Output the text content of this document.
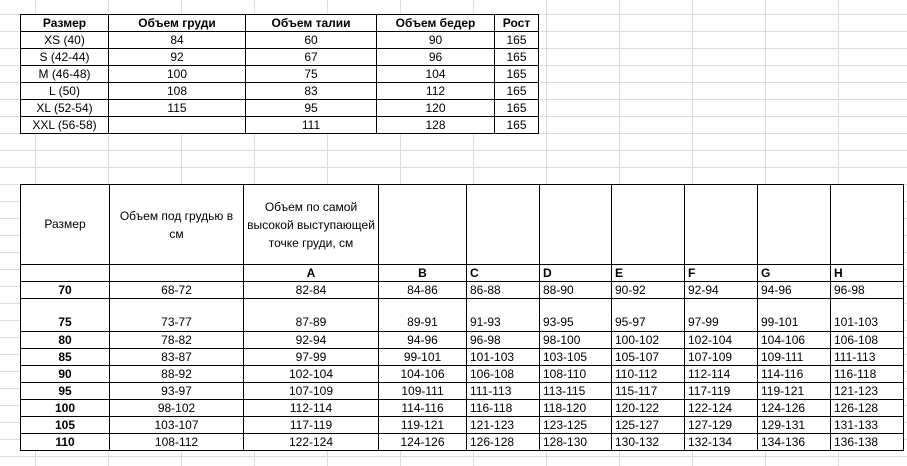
Размер	Объем груди	Объем талии	Объем бедер	Рост
XS (40)	84	60	90	165
S (42-44)	92	67	96	165
M (46-48)	100	75	104	165
L (50)	108	83	112	165
XL (52-54)	115	95	120	165
XXL (56-58)		111	128	165
Размер	Объем под грудью в см	Объем по самой высокой выступающей точке груди, см							
		A	B	C	D	E	F	G	H
70	68-72	82-84	84-86	86-88	88-90	90-92	92-94	94-96	96-98
75	73-77	87-89	89-91	91-93	93-95	95-97	97-99	99-101	101-103
80	78-82	92-94	94-96	96-98	98-100	100-102	102-104	104-106	106-108
85	83-87	97-99	99-101	101-103	103-105	105-107	107-109	109-111	111-113
90	88-92	102-104	104-106	106-108	108-110	110-112	112-114	114-116	116-118
95	93-97	107-109	109-111	111-113	113-115	115-117	117-119	119-121	121-123
100	98-102	112-114	114-116	116-118	118-120	120-122	122-124	124-126	126-128
105	103-107	117-119	119-121	121-123	123-125	125-127	127-129	129-131	131-133
110	108-112	122-124	124-126	126-128	128-130	130-132	132-134	134-136	136-138
